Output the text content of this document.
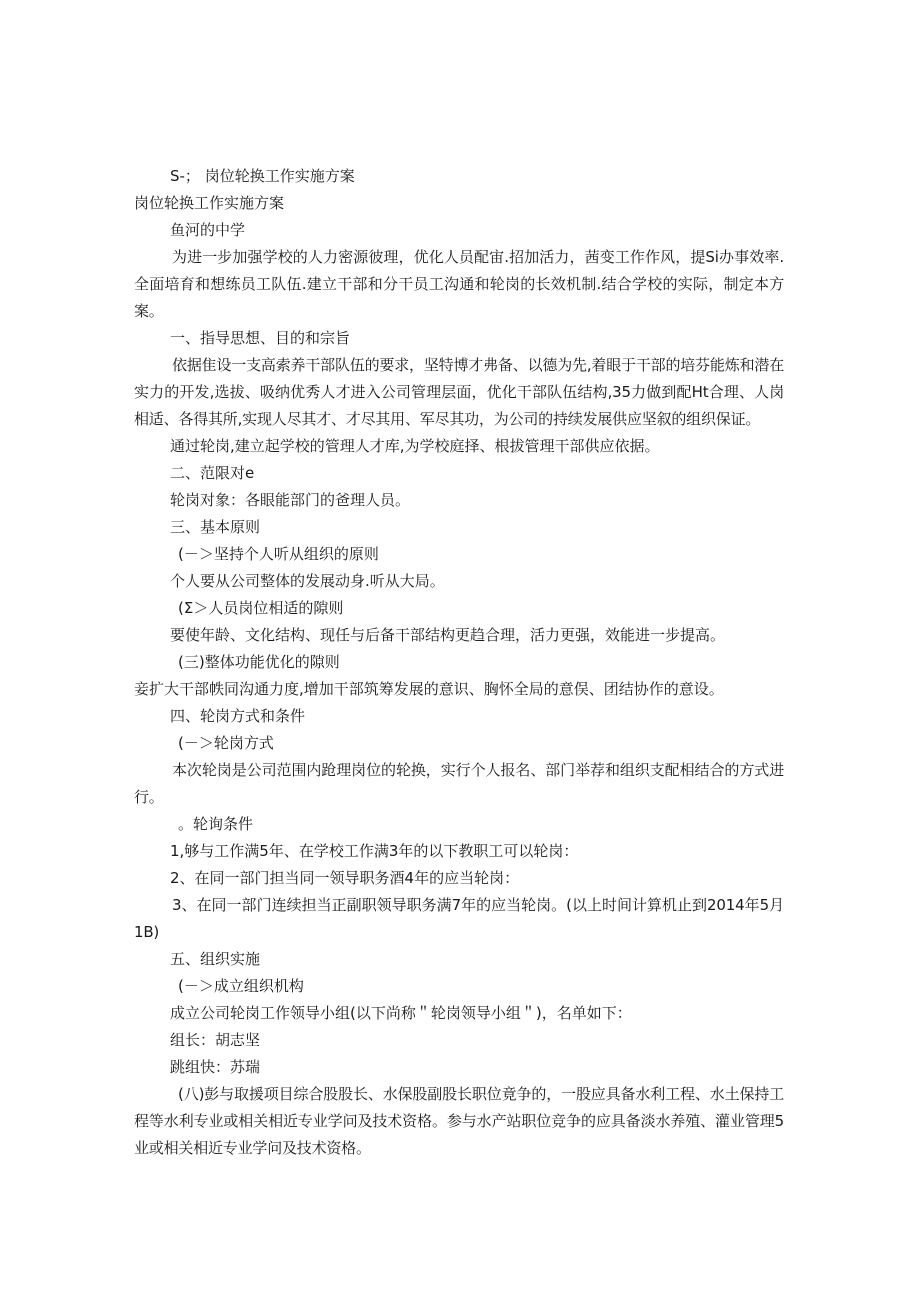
S-； 岗位轮换工作实施方案

岗位轮换工作实施方案

鱼河的中学

为进一步加强学校的人力密源彼理，优化人员配宙.招加活力，茜变工作作风，提Si办事效率.全面培育和想练员工队伍.建立干部和分干员工沟通和轮岗的长效机制.结合学校的实际，制定本方案。

一、指导思想、目的和宗旨

依据隹设一支高索养干部队伍的要求，坚特博才弗备、以德为先,着眼于干部的培芬能炼和潜在实力的开发,选拔、吸纳优秀人才进入公司管理层面，优化干部队伍结构,35力做到配Ht合理、人岗相适、各得其所,实现人尽其才、才尽其用、军尽其功，为公司的持续发展供应坚叙的组织保证。

通过轮岗,建立起学校的管理人才库,为学校庭择、根拔管理干部供应依据。

二、范限对e

轮岗对象：各眼能部门的爸理人员。

三、基本原则

(－＞坚持个人听从组织的原则

个人要从公司整体的发展动身.听从大局。

(Σ＞人员岗位相适的隙则

要使年龄、文化结构、现任与后备干部结构更趋合理，活力更强，效能进一步提高。

(三)整体功能优化的隙则

妾扩大干部帙同沟通力度,增加干部筑筹发展的意识、胸怀全局的意俣、团结协作的意设。

四、轮岗方式和条件

(－＞轮岗方式

本次轮岗是公司范围内跄理岗位的轮换，实行个人报名、部门举荐和组织支配相结合的方式进行。

。轮询条件

1,够与工作满5年、在学校工作满3年的以下教职工可以轮岗：

2、在同一部门担当同一领导职务酒4年的应当轮岗：

3、在同一部门连续担当正副职领导职务满7年的应当轮岗。(以上时间计算机止到2014年5月1B)

五、组织实施

(－＞成立组织机构

成立公司轮岗工作领导小组(以下尚称＂轮岗领导小组＂)，名单如下：

组长：胡志坚

跳组快：苏瑞

(八)彭与取援项目综合股股长、水保股副股长职位竟争的，一股应具备水利工程、水土保持工程等水利专业或相关相近专业学问及技术资格。参与水产站职位竞争的应具备淡水养殖、灌业管理5业或相关相近专业学问及技术资格。
